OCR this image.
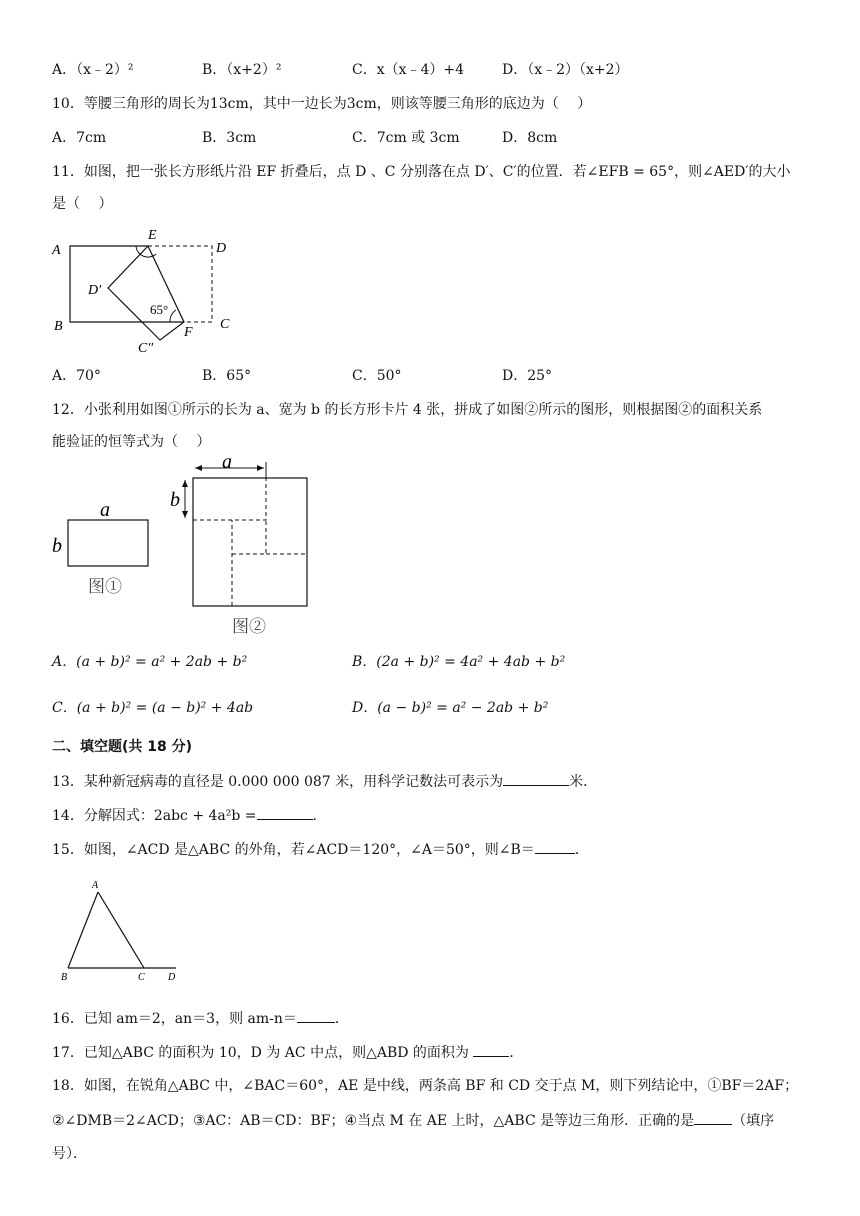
A．（x﹣2）²	B．（x+2）²	C．x（x﹣4）+4	D．（x﹣2）（x+2）
10．等腰三角形的周长为13cm，其中一边长为3cm，则该等腰三角形的底边为（　 ）
A．7cm	B．3cm	C．7cm 或 3cm	D．8cm
11．如图，把一张长方形纸片沿 EF 折叠后，点 D 、C 分别落在点 D′、C′的位置．若∠EFB = 65°，则∠AED′的大小
是（　 ）
A
E
D
D′
65°
B	F
C
C″
A．70°	B．65°	C．50°	D．25°
12．小张利用如图①所示的长为 a、宽为 b 的长方形卡片 4 张，拼成了如图②所示的图形，则根据图②的面积关系
能验证的恒等式为（　 ）
a
b
图①
a
b
图②
A．(a + b)² = a² + 2ab + b²	B．(2a + b)² = 4a² + 4ab + b²
C．(a + b)² = (a − b)² + 4ab	D．(a − b)² = a² − 2ab + b²
二、填空题(共 18 分)
13．某种新冠病毒的直径是 0.000 000 087 米，用科学记数法可表示为	米．
14．分解因式：2abc + 4a²b =	．
15．如图，∠ACD 是△ABC 的外角，若∠ACD＝120°，∠A＝50°，则∠B＝	．
A
B	C D
16．已知 am＝2，an＝3，则 am-n＝	．
17．已知△ABC 的面积为 10，D 为 AC 中点，则△ABD 的面积为	．
18．如图，在锐角△ABC 中，∠BAC＝60°，AE 是中线，两条高 BF 和 CD 交于点 M，则下列结论中，①BF＝2AF；
②∠DMB＝2∠ACD；③AC：AB＝CD：BF；④当点 M 在 AE 上时，△ABC 是等边三角形．正确的是	（填序
号）．
